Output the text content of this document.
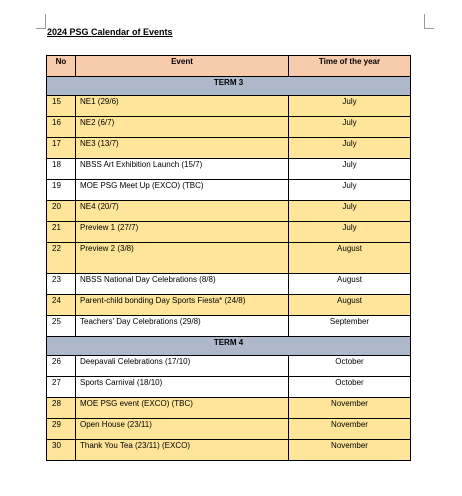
2024 PSG Calendar of Events
No	Event	Time of the year
TERM 3		
15	NE1 (29/6)	July
16	NE2 (6/7)	July
17	NE3 (13/7)	July
18	NBSS Art Exhibition Launch (15/7)	July
19	MOE PSG Meet Up (EXCO) (TBC)	July
20	NE4 (20/7)	July
21	Preview 1 (27/7)	July
22	Preview 2 (3/8)	August
23	NBSS National Day Celebrations (8/8)	August
24	Parent-child bonding Day Sports Fiesta* (24/8)	August
25	Teachers' Day Celebrations (29/8)	September
TERM 4		
26	Deepavali Celebrations (17/10)	October
27	Sports Carnival (18/10)	October
28	MOE PSG event (EXCO) (TBC)	November
29	Open House (23/11)	November
30	Thank You Tea (23/11) (EXCO)	November
